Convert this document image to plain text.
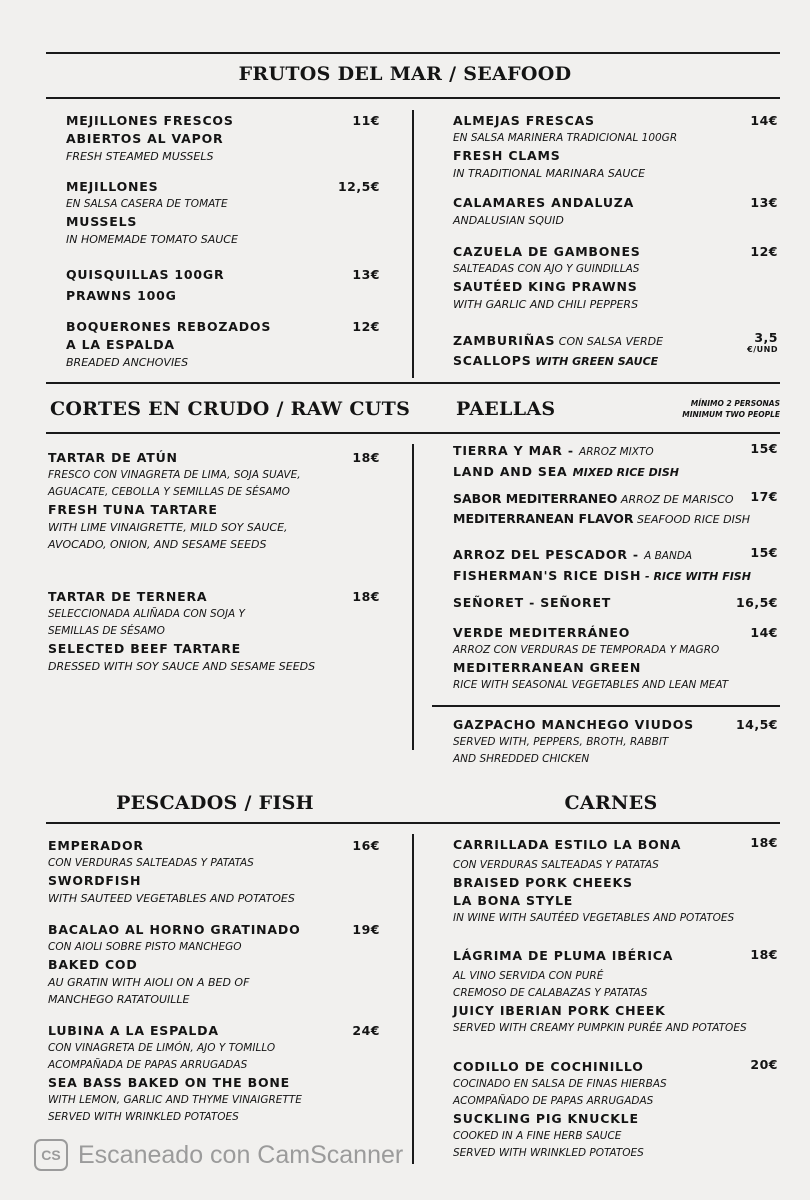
FRUTOS DEL MAR / SEAFOOD
CORTES EN CRUDO / RAW CUTS PAELLAS	MÍNIMO 2 PERSONAS
MINIMUM TWO PEOPLE
PESCADOS / FISH	CARNES
MEJILLONES FRESCOS
ABIERTOS AL VAPOR
FRESH STEAMED MUSSELS
11€
MEJILLONES
EN SALSA CASERA DE TOMATE
MUSSELS
IN HOMEMADE TOMATO SAUCE
12,5€
QUISQUILLAS 100GR
PRAWNS 100G
13€
BOQUERONES REBOZADOS
A LA ESPALDA
BREADED ANCHOVIES
12€
ALMEJAS FRESCAS
EN SALSA MARINERA TRADICIONAL 100GR
FRESH CLAMS
IN TRADITIONAL MARINARA SAUCE
14€
CALAMARES ANDALUZA
ANDALUSIAN SQUID
13€
CAZUELA DE GAMBONES
SALTEADAS CON AJO Y GUINDILLAS
SAUTÉED KING PRAWNS
WITH GARLIC AND CHILI PEPPERS
12€
ZAMBURIÑAS CON SALSA VERDE
SCALLOPS WITH GREEN SAUCE
3,5
€/UND
TARTAR DE ATÚN
FRESCO CON VINAGRETA DE LIMA, SOJA SUAVE,
AGUACATE, CEBOLLA Y SEMILLAS DE SÉSAMO
FRESH TUNA TARTARE
WITH LIME VINAIGRETTE, MILD SOY SAUCE,
AVOCADO, ONION, AND SESAME SEEDS
18€
TARTAR DE TERNERA
SELECCIONADA ALIÑADA CON SOJA Y
SEMILLAS DE SÉSAMO
SELECTED BEEF TARTARE
DRESSED WITH SOY SAUCE AND SESAME SEEDS
18€
TIERRA Y MAR - ARROZ MIXTO
LAND AND SEA MIXED RICE DISH
15€
SABOR MEDITERRANEO ARROZ DE MARISCO
MEDITERRANEAN FLAVOR SEAFOOD RICE DISH
17€
ARROZ DEL PESCADOR - A BANDA
FISHERMAN'S RICE DISH - RICE WITH FISH
15€
SEÑORET - SEÑORET	16,5€
VERDE MEDITERRÁNEO
ARROZ CON VERDURAS DE TEMPORADA Y MAGRO
MEDITERRANEAN GREEN
RICE WITH SEASONAL VEGETABLES AND LEAN MEAT
14€
GAZPACHO MANCHEGO VIUDOS
SERVED WITH, PEPPERS, BROTH, RABBIT
AND SHREDDED CHICKEN
14,5€
EMPERADOR
CON VERDURAS SALTEADAS Y PATATAS
SWORDFISH
WITH SAUTEED VEGETABLES AND POTATOES
16€
BACALAO AL HORNO GRATINADO
CON AIOLI SOBRE PISTO MANCHEGO
BAKED COD
AU GRATIN WITH AIOLI ON A BED OF
MANCHEGO RATATOUILLE
19€
LUBINA A LA ESPALDA
CON VINAGRETA DE LIMÓN, AJO Y TOMILLO
ACOMPAÑADA DE PAPAS ARRUGADAS
SEA BASS BAKED ON THE BONE
WITH LEMON, GARLIC AND THYME VINAIGRETTE
SERVED WITH WRINKLED POTATOES
24€
CARRILLADA ESTILO LA BONA
CON VERDURAS SALTEADAS Y PATATAS
BRAISED PORK CHEEKS
LA BONA STYLE
IN WINE WITH SAUTÉED VEGETABLES AND POTATOES
18€
LÁGRIMA DE PLUMA IBÉRICA
AL VINO SERVIDA CON PURÉ
CREMOSO DE CALABAZAS Y PATATAS
JUICY IBERIAN PORK CHEEK
SERVED WITH CREAMY PUMPKIN PURÉE AND POTATOES
18€
CODILLO DE COCHINILLO
COCINADO EN SALSA DE FINAS HIERBAS
ACOMPAÑADO DE PAPAS ARRUGADAS
SUCKLING PIG KNUCKLE
COOKED IN A FINE HERB SAUCE
SERVED WITH WRINKLED POTATOES
20€
CS Escaneado con CamScanner
